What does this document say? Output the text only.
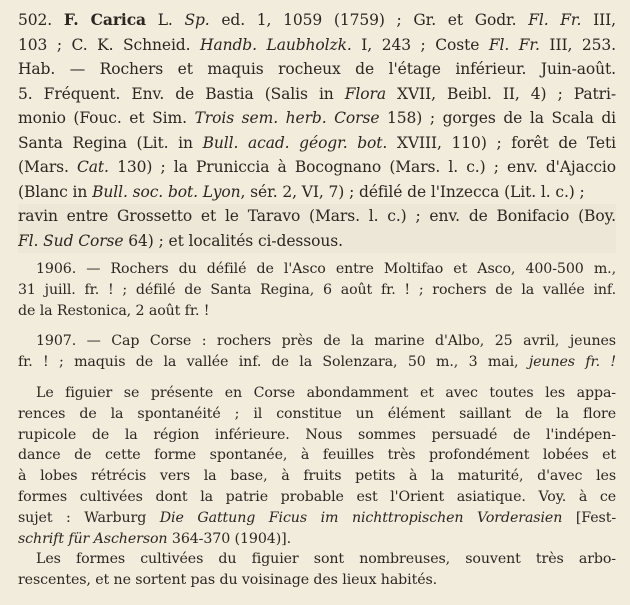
502. F. Carica L. Sp. ed. 1, 1059 (1759) ; Gr. et Godr. Fl. Fr. III,
103 ; C. K. Schneid. Handb. Laubholzk. I, 243 ; Coste Fl. Fr. III, 253.
Hab. — Rochers et maquis rocheux de l'étage inférieur. Juin-août.
5. Fréquent. Env. de Bastia (Salis in Flora XVII, Beibl. II, 4) ; Patri-
monio (Fouc. et Sim. Trois sem. herb. Corse 158) ; gorges de la Scala di
Santa Regina (Lit. in Bull. acad. géogr. bot. XVIII, 110) ; forêt de Teti
(Mars. Cat. 130) ; la Pruniccia à Bocognano (Mars. l. c.) ; env. d'Ajaccio
(Blanc in Bull. soc. bot. Lyon, sér. 2, VI, 7) ; défilé de l'Inzecca (Lit. l. c.) ;
ravin entre Grossetto et le Taravo (Mars. l. c.) ; env. de Bonifacio (Boy.
Fl. Sud Corse 64) ; et localités ci-dessous.
1906. — Rochers du défilé de l'Asco entre Moltifao et Asco, 400-500 m.,
31 juill. fr. ! ; défilé de Santa Regina, 6 août fr. ! ; rochers de la vallée inf.
de la Restonica, 2 août fr. !
1907. — Cap Corse : rochers près de la marine d'Albo, 25 avril, jeunes
fr. ! ; maquis de la vallée inf. de la Solenzara, 50 m., 3 mai, jeunes fr. !
Le figuier se présente en Corse abondamment et avec toutes les appa-
rences de la spontanéité ; il constitue un élément saillant de la flore
rupicole de la région inférieure. Nous sommes persuadé de l'indépen-
dance de cette forme spontanée, à feuilles très profondément lobées et
à lobes rétrécis vers la base, à fruits petits à la maturité, d'avec les
formes cultivées dont la patrie probable est l'Orient asiatique. Voy. à ce
sujet : Warburg Die Gattung Ficus im nichttropischen Vorderasien [Fest-
schrift für Ascherson 364-370 (1904)].
Les formes cultivées du figuier sont nombreuses, souvent très arbo-
rescentes, et ne sortent pas du voisinage des lieux habités.
